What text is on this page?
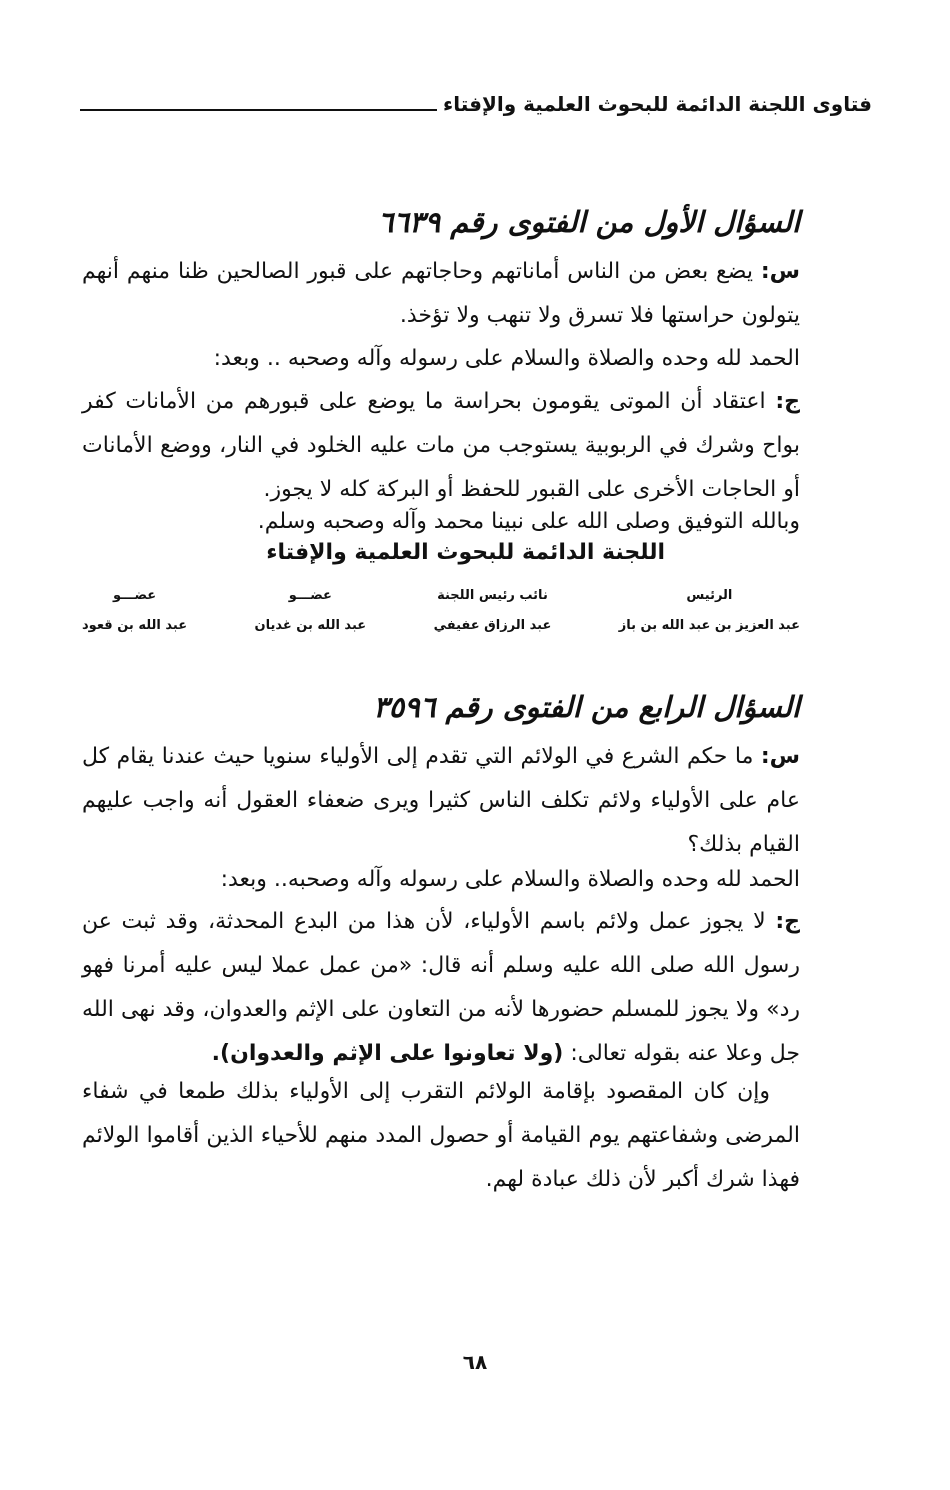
فتاوى اللجنة الدائمة للبحوث العلمية والإفتاء
السؤال الأول من الفتوى رقم ٦٦٣٩
س: يضع بعض من الناس أماناتهم وحاجاتهم على قبور الصالحين ظنا منهم أنهم يتولون حراستها فلا تسرق ولا تنهب ولا تؤخذ.
الحمد لله وحده والصلاة والسلام على رسوله وآله وصحبه .. وبعد:
ج: اعتقاد أن الموتى يقومون بحراسة ما يوضع على قبورهم من الأمانات كفر بواح وشرك في الربوبية يستوجب من مات عليه الخلود في النار، ووضع الأمانات أو الحاجات الأخرى على القبور للحفظ أو البركة كله لا يجوز.
وبالله التوفيق وصلى الله على نبينا محمد وآله وصحبه وسلم.
اللجنة الدائمة للبحوث العلمية والإفتاء
الرئيس
عبد العزيز بن عبد الله بن باز
نائب رئيس اللجنة
عبد الرزاق عفيفي
عضـــو
عبد الله بن غديان
عضـــو
عبد الله بن قعود
السؤال الرابع من الفتوى رقم ٣٥٩٦
س: ما حكم الشرع في الولائم التي تقدم إلى الأولياء سنويا حيث عندنا يقام كل عام على الأولياء ولائم تكلف الناس كثيرا ويرى ضعفاء العقول أنه واجب عليهم القيام بذلك؟
الحمد لله وحده والصلاة والسلام على رسوله وآله وصحبه.. وبعد:
ج: لا يجوز عمل ولائم باسم الأولياء، لأن هذا من البدع المحدثة، وقد ثبت عن رسول الله صلى الله عليه وسلم أنه قال: «من عمل عملا ليس عليه أمرنا فهو رد» ولا يجوز للمسلم حضورها لأنه من التعاون على الإثم والعدوان، وقد نهى الله جل وعلا عنه بقوله تعالى: (ولا تعاونوا على الإثم والعدوان).
وإن كان المقصود بإقامة الولائم التقرب إلى الأولياء بذلك طمعا في شفاء المرضى وشفاعتهم يوم القيامة أو حصول المدد منهم للأحياء الذين أقاموا الولائم فهذا شرك أكبر لأن ذلك عبادة لهم.
٦٨
